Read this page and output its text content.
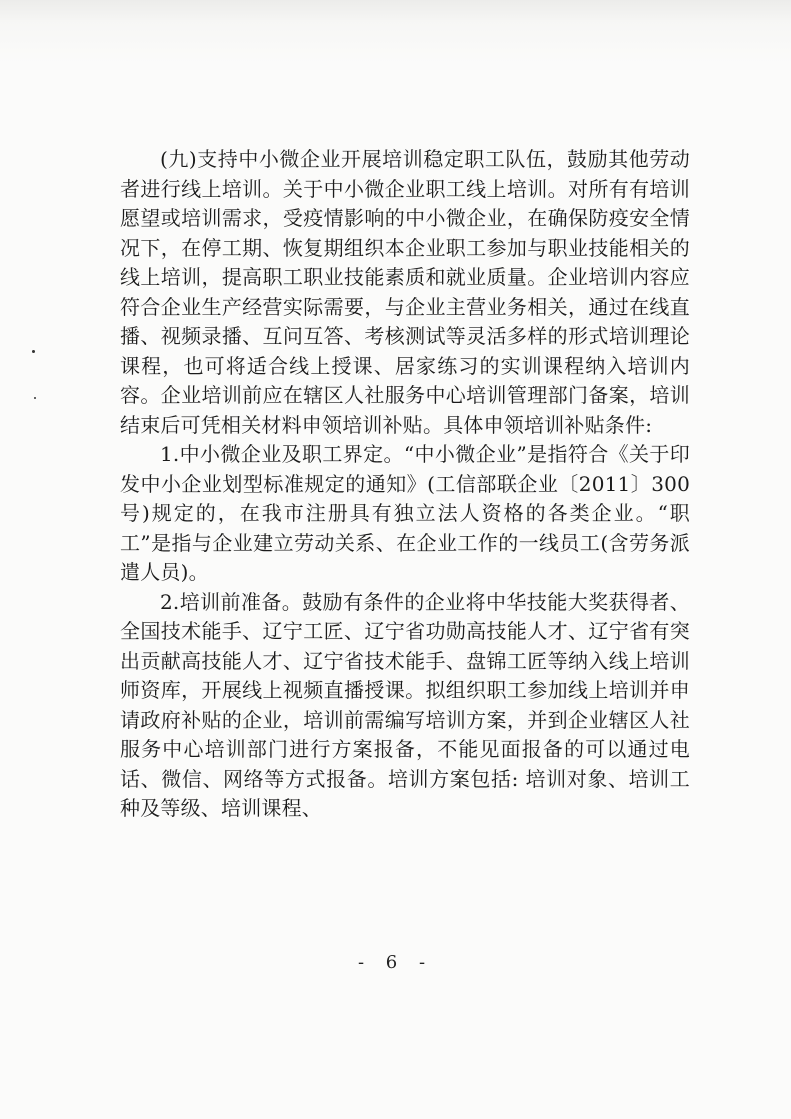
(九)支持中小微企业开展培训稳定职工队伍，鼓励其他劳动者进行线上培训。关于中小微企业职工线上培训。对所有有培训愿望或培训需求，受疫情影响的中小微企业，在确保防疫安全情况下，在停工期、恢复期组织本企业职工参加与职业技能相关的线上培训，提高职工职业技能素质和就业质量。企业培训内容应符合企业生产经营实际需要，与企业主营业务相关，通过在线直播、视频录播、互问互答、考核测试等灵活多样的形式培训理论课程，也可将适合线上授课、居家练习的实训课程纳入培训内容。企业培训前应在辖区人社服务中心培训管理部门备案，培训结束后可凭相关材料申领培训补贴。具体申领培训补贴条件:

1.中小微企业及职工界定。“中小微企业”是指符合《关于印发中小企业划型标准规定的通知》(工信部联企业〔2011〕300号)规定的，在我市注册具有独立法人资格的各类企业。“职工”是指与企业建立劳动关系、在企业工作的一线员工(含劳务派遣人员)。

2.培训前准备。鼓励有条件的企业将中华技能大奖获得者、全国技术能手、辽宁工匠、辽宁省功勋高技能人才、辽宁省有突出贡献高技能人才、辽宁省技术能手、盘锦工匠等纳入线上培训师资库，开展线上视频直播授课。拟组织职工参加线上培训并申请政府补贴的企业，培训前需编写培训方案，并到企业辖区人社服务中心培训部门进行方案报备，不能见面报备的可以通过电话、微信、网络等方式报备。培训方案包括: 培训对象、培训工种及等级、培训课程、

- 6 -
